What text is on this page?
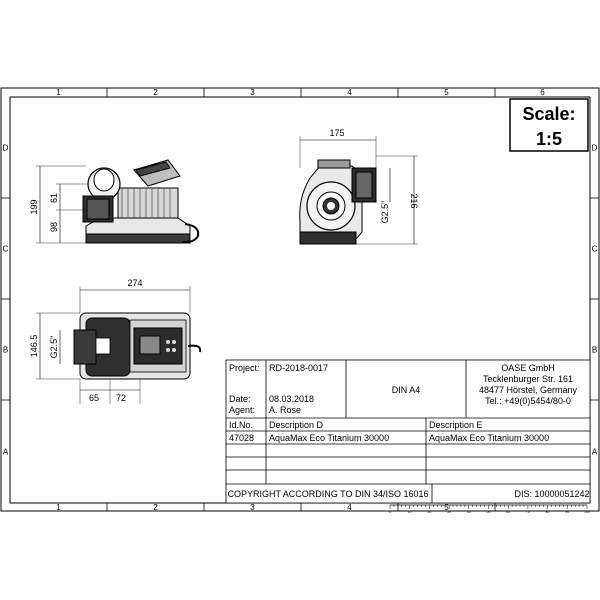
1	2	3	4	5	6
1	2	3	4	5
D
C
B
A
D
C
B
A
Scale:
1:5
199
61
98
175
216
G2.5"
274
146.5 G2.5"
65 72
Project: RD-2018-0017
Date: 08.03.2018
Agent: A. Rose
DIN A4
OASE GmbH
Tecklenburger Str. 161
48477 Hörstel, Germany
Tel.: +49(0)5454/80-0
Id.No. Description D	Description E
47028 AquaMax Eco Titanium 30000	AquaMax Eco Titanium 30000
COPYRIGHT ACCORDING TO DIN 34/ISO 16016	DIS: 10000051242
0	10	20	30	40	50	60	70	80	90	100
